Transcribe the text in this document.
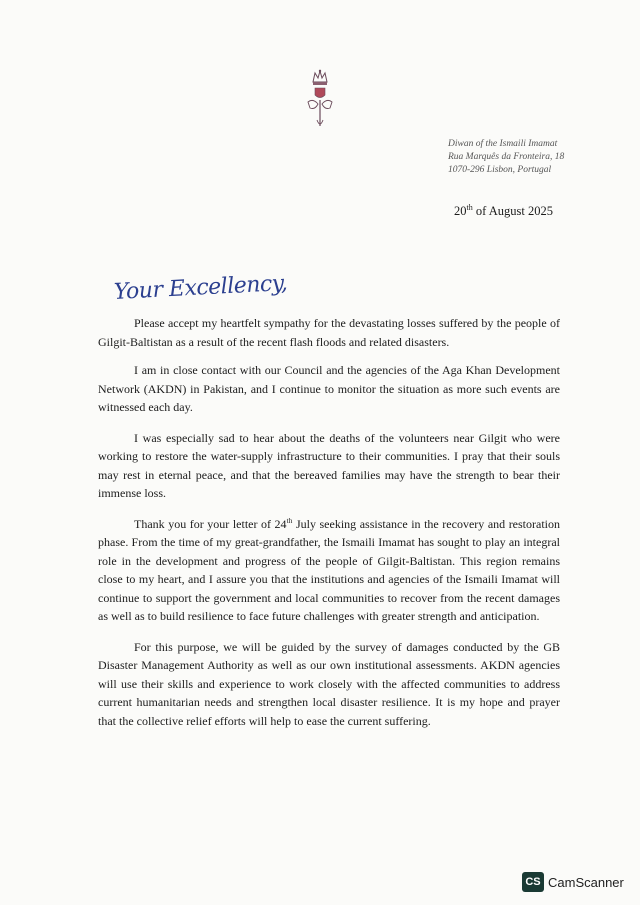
Diwan of the Ismaili Imamat
Rua Marquês da Fronteira, 18
1070-296 Lisbon, Portugal
20th of August 2025
Your Excellency,

Please accept my heartfelt sympathy for the devastating losses suffered by the people of Gilgit-Baltistan as a result of the recent flash floods and related disasters.

I am in close contact with our Council and the agencies of the Aga Khan Development Network (AKDN) in Pakistan, and I continue to monitor the situation as more such events are witnessed each day.

I was especially sad to hear about the deaths of the volunteers near Gilgit who were working to restore the water-supply infrastructure to their communities. I pray that their souls may rest in eternal peace, and that the bereaved families may have the strength to bear their immense loss.

Thank you for your letter of 24th July seeking assistance in the recovery and restoration phase. From the time of my great-grandfather, the Ismaili Imamat has sought to play an integral role in the development and progress of the people of Gilgit-Baltistan. This region remains close to my heart, and I assure you that the institutions and agencies of the Ismaili Imamat will continue to support the government and local communities to recover from the recent damages as well as to build resilience to face future challenges with greater strength and anticipation.

For this purpose, we will be guided by the survey of damages conducted by the GB Disaster Management Authority as well as our own institutional assessments. AKDN agencies will use their skills and experience to work closely with the affected communities to address current humanitarian needs and strengthen local disaster resilience. It is my hope and prayer that the collective relief efforts will help to ease the current suffering.

CS CamScanner
